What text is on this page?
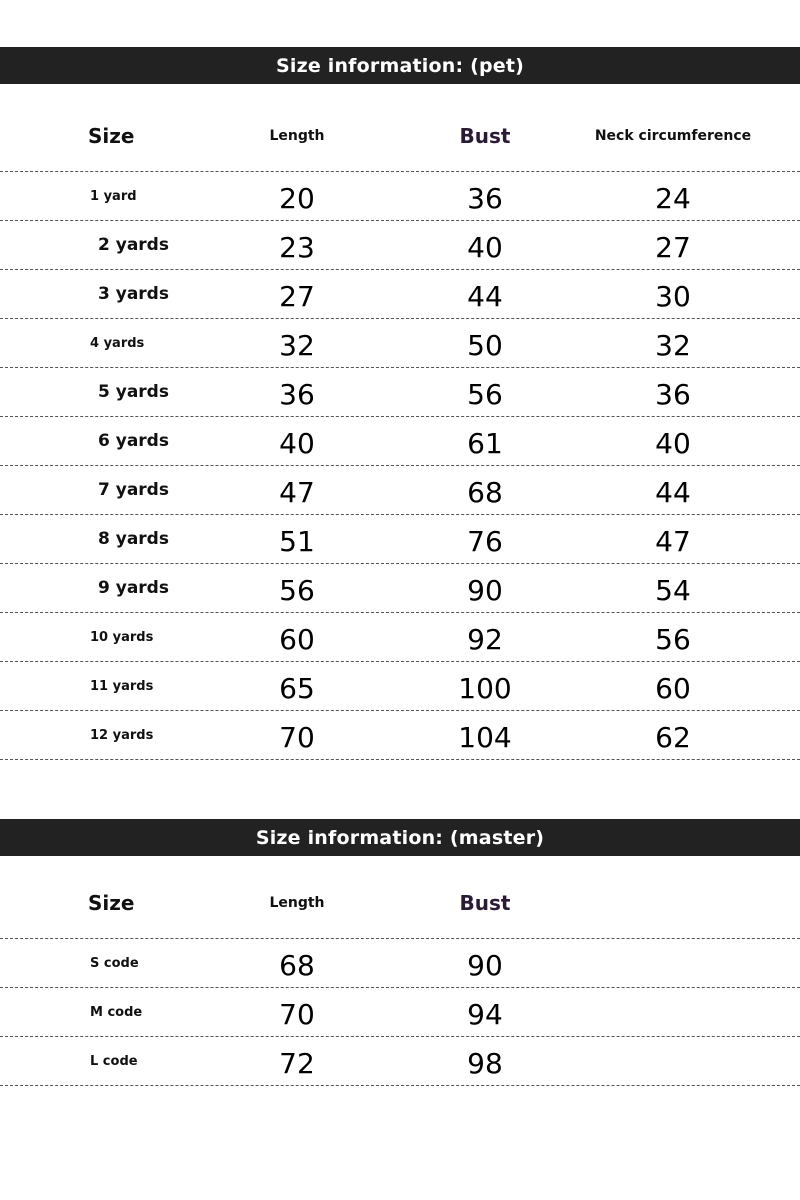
Size information: (pet)
Size	Length	Bust	Neck circumference
1 yard	20	36	24
2 yards	23	40	27
3 yards	27	44	30
4 yards	32	50	32
5 yards	36	56	36
6 yards	40	61	40
7 yards	47	68	44
8 yards	51	76	47
9 yards	56	90	54
10 yards	60	92	56
11 yards	65	100	60
12 yards	70	104	62
Size information: (master)
Size	Length	Bust
S code	68	90
M code	70	94
L code	72	98
